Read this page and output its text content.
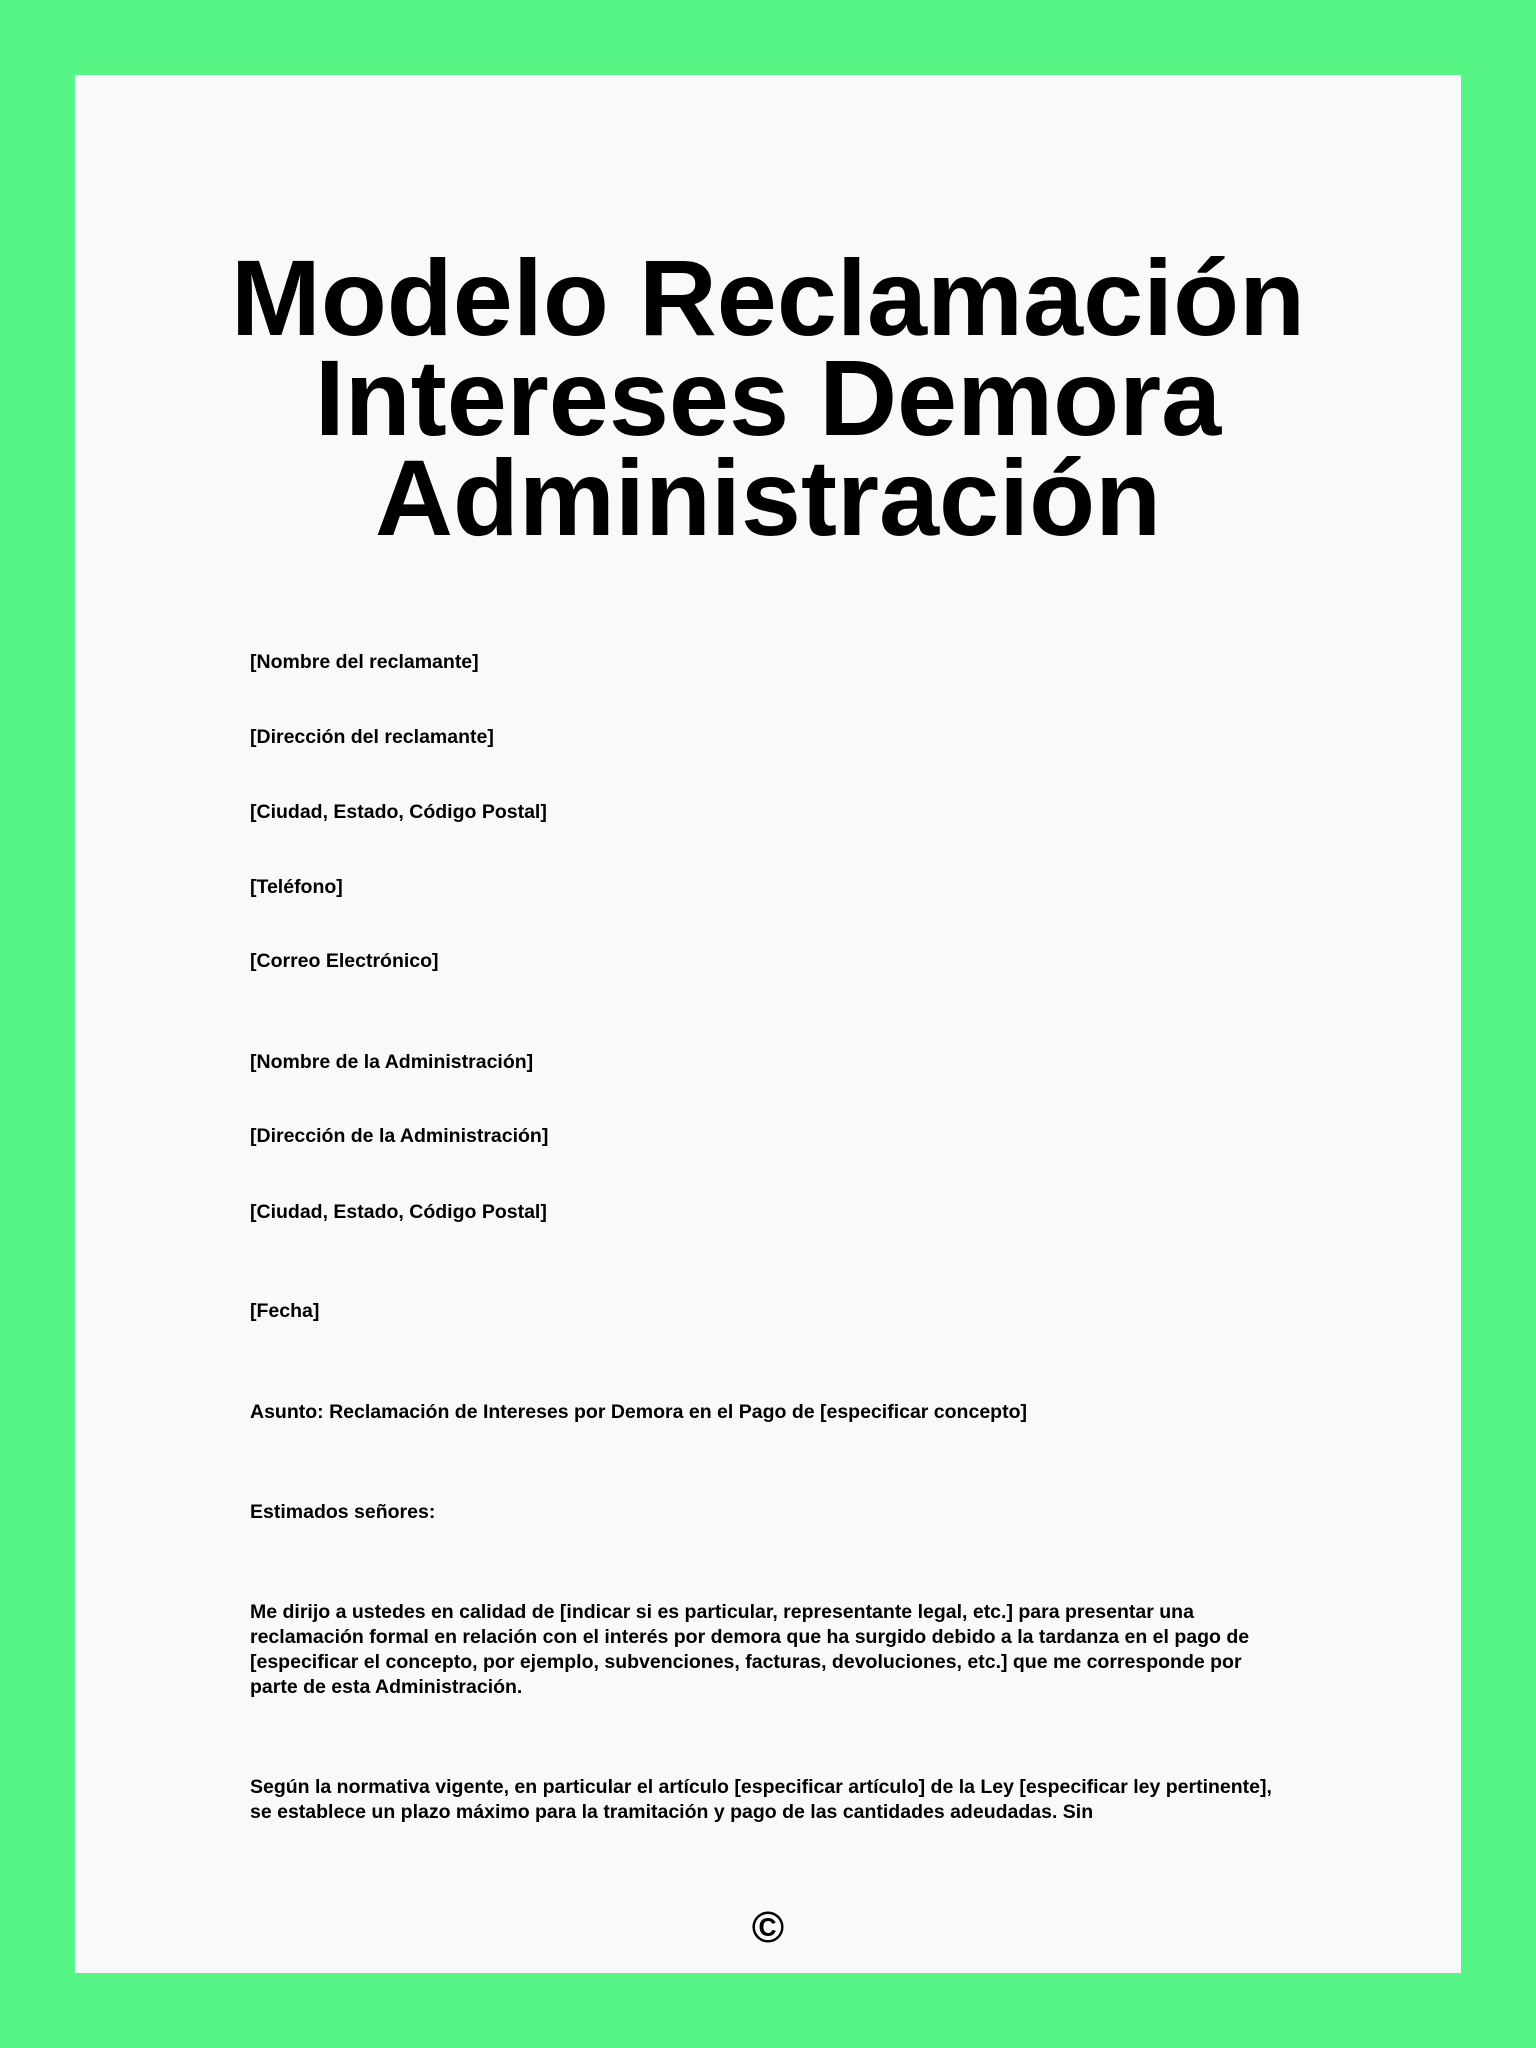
Modelo Reclamación
Intereses Demora
Administración

[Nombre del reclamante]

[Dirección del reclamante]

[Ciudad, Estado, Código Postal]

[Teléfono]

[Correo Electrónico]

[Nombre de la Administración]

[Dirección de la Administración]

[Ciudad, Estado, Código Postal]

[Fecha]

Asunto: Reclamación de Intereses por Demora en el Pago de [especificar concepto]

Estimados señores:

Me dirijo a ustedes en calidad de [indicar si es particular, representante legal, etc.] para presentar una reclamación formal en relación con el interés por demora que ha surgido debido a la tardanza en el pago de [especificar el concepto, por ejemplo, subvenciones, facturas, devoluciones, etc.] que me corresponde por parte de esta Administración.

Según la normativa vigente, en particular el artículo [especificar artículo] de la Ley [especificar ley pertinente], se establece un plazo máximo para la tramitación y pago de las cantidades adeudadas. Sin

©
